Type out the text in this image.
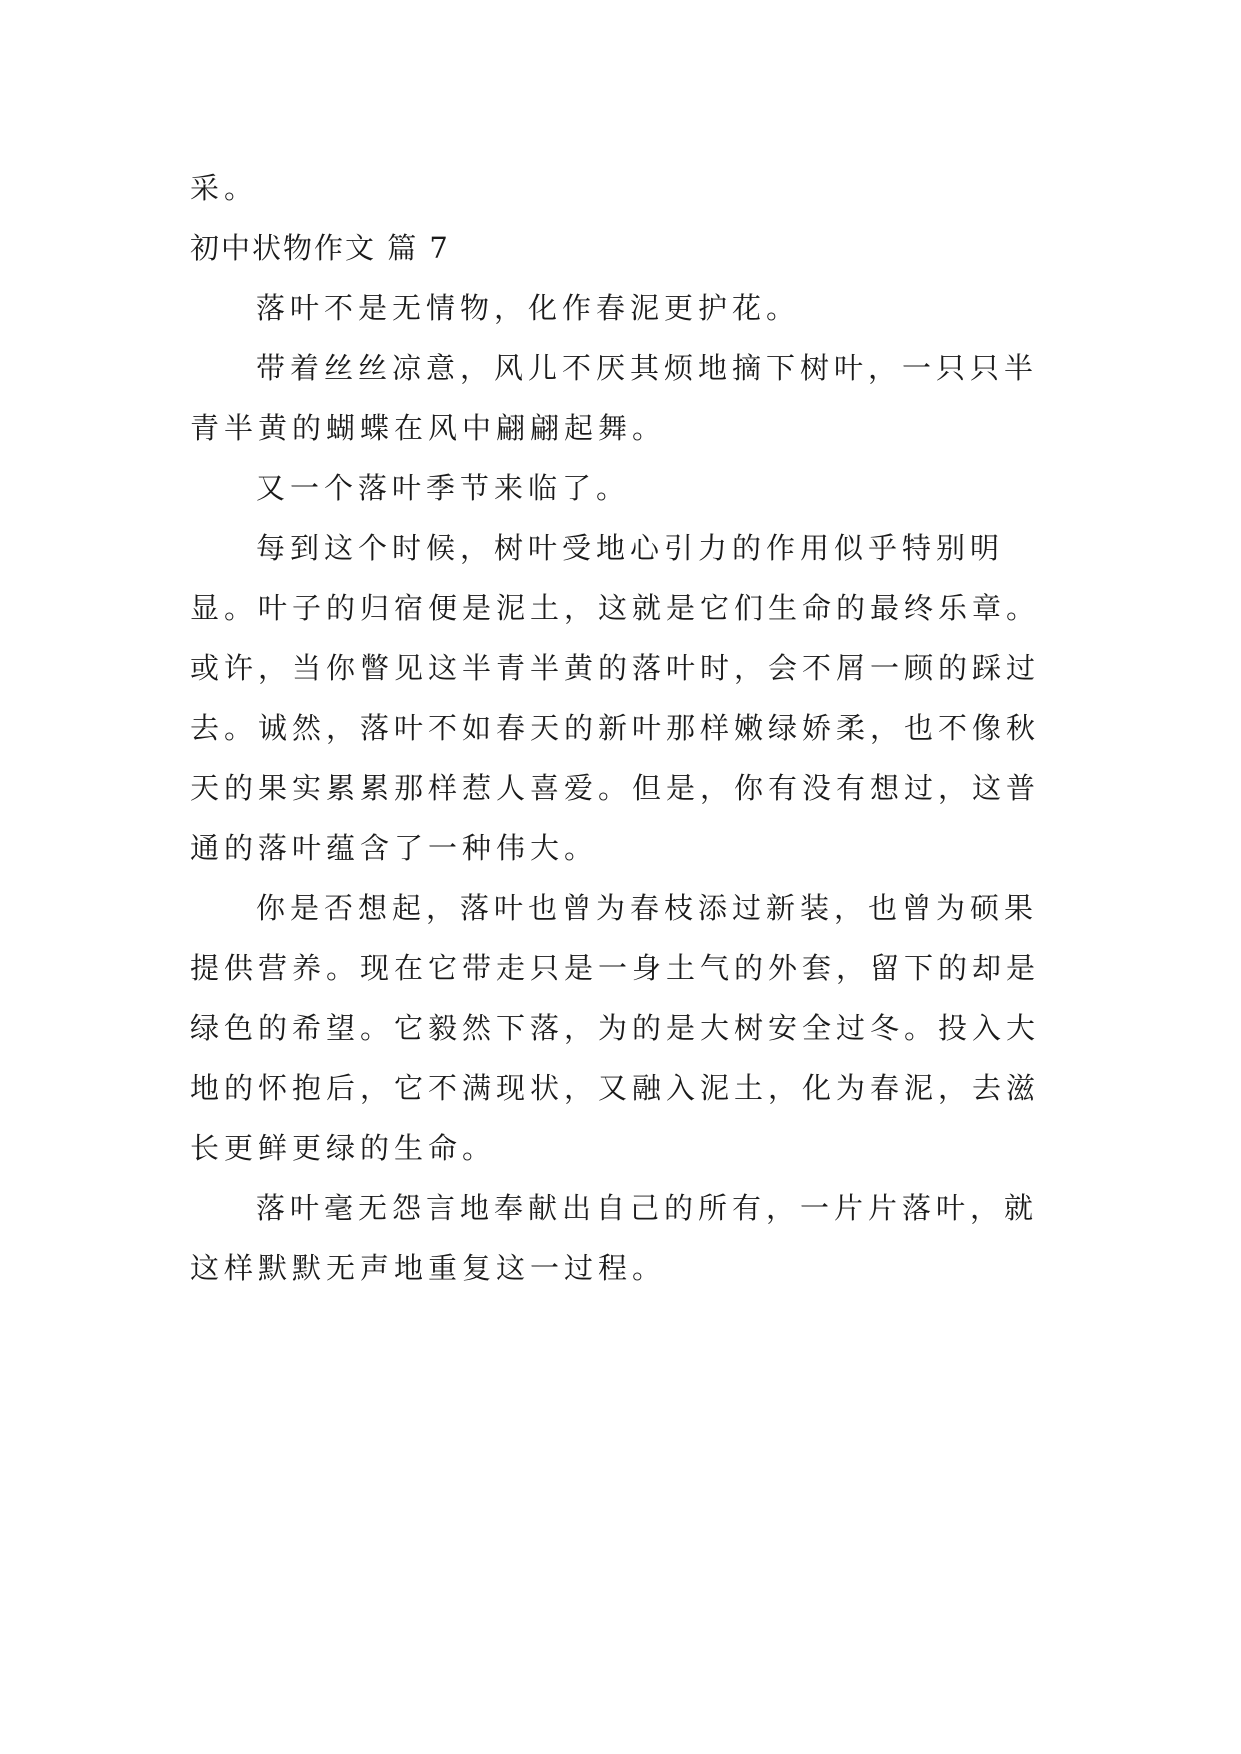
采。

初中状物作文 篇 7

落叶不是无情物，化作春泥更护花。

带着丝丝凉意，风儿不厌其烦地摘下树叶，一只只半青半黄的蝴蝶在风中翩翩起舞。

又一个落叶季节来临了。

每到这个时候，树叶受地心引力的作用似乎特别明显。叶子的归宿便是泥土，这就是它们生命的最终乐章。或许，当你瞥见这半青半黄的落叶时，会不屑一顾的踩过去。诚然，落叶不如春天的新叶那样嫩绿娇柔，也不像秋天的果实累累那样惹人喜爱。但是，你有没有想过，这普通的落叶蕴含了一种伟大。

你是否想起，落叶也曾为春枝添过新装，也曾为硕果提供营养。现在它带走只是一身土气的外套，留下的却是绿色的希望。它毅然下落，为的是大树安全过冬。投入大地的怀抱后，它不满现状，又融入泥土，化为春泥，去滋长更鲜更绿的生命。

落叶毫无怨言地奉献出自己的所有，一片片落叶，就这样默默无声地重复这一过程。
